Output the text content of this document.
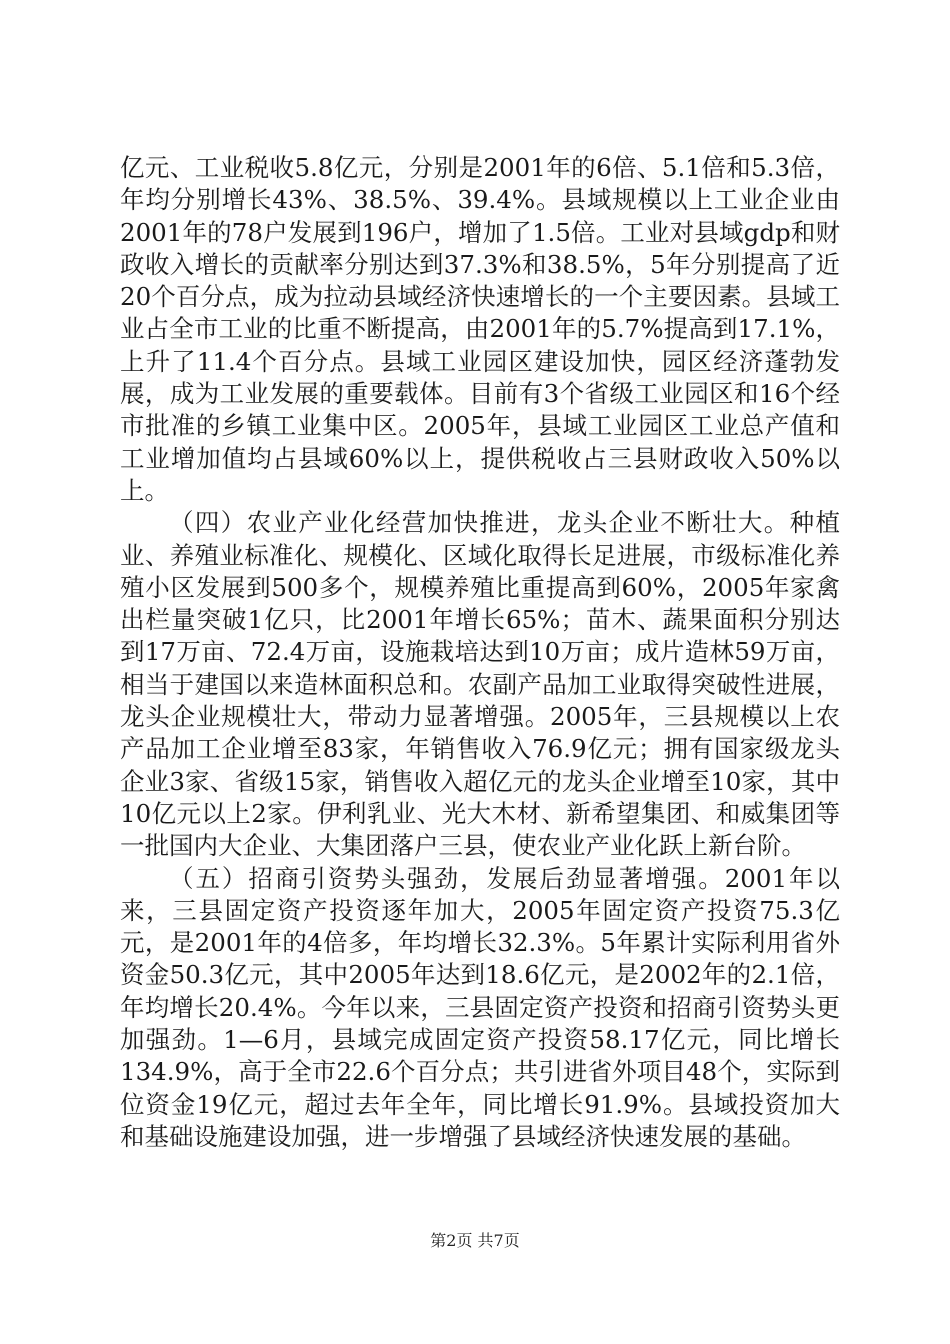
亿元、工业税收5.8亿元，分别是2001年的6倍、5.1倍和5.3倍，年均分别增长43%、38.5%、39.4%。县域规模以上工业企业由2001年的78户发展到196户，增加了1.5倍。工业对县域gdp和财政收入增长的贡献率分别达到37.3%和38.5%，5年分别提高了近20个百分点，成为拉动县域经济快速增长的一个主要因素。县域工业占全市工业的比重不断提高，由2001年的5.7%提高到17.1%，上升了11.4个百分点。县域工业园区建设加快，园区经济蓬勃发展，成为工业发展的重要载体。目前有3个省级工业园区和16个经市批准的乡镇工业集中区。2005年，县域工业园区工业总产值和工业增加值均占县域60%以上，提供税收占三县财政收入50%以上。

（四）农业产业化经营加快推进，龙头企业不断壮大。种植业、养殖业标准化、规模化、区域化取得长足进展，市级标准化养殖小区发展到500多个，规模养殖比重提高到60%，2005年家禽出栏量突破1亿只，比2001年增长65%；苗木、蔬果面积分别达到17万亩、72.4万亩，设施栽培达到10万亩；成片造林59万亩，相当于建国以来造林面积总和。农副产品加工业取得突破性进展，龙头企业规模壮大，带动力显著增强。2005年，三县规模以上农产品加工企业增至83家，年销售收入76.9亿元；拥有国家级龙头企业3家、省级15家，销售收入超亿元的龙头企业增至10家，其中10亿元以上2家。伊利乳业、光大木材、新希望集团、和威集团等一批国内大企业、大集团落户三县，使农业产业化跃上新台阶。

（五）招商引资势头强劲，发展后劲显著增强。2001年以来，三县固定资产投资逐年加大，2005年固定资产投资75.3亿元，是2001年的4倍多，年均增长32.3%。5年累计实际利用省外资金50.3亿元，其中2005年达到18.6亿元，是2002年的2.1倍，年均增长20.4%。今年以来，三县固定资产投资和招商引资势头更加强劲。1—6月，县域完成固定资产投资58.17亿元，同比增长134.9%，高于全市22.6个百分点；共引进省外项目48个，实际到位资金19亿元，超过去年全年，同比增长91.9%。县域投资加大和基础设施建设加强，进一步增强了县域经济快速发展的基础。

第2页 共7页
